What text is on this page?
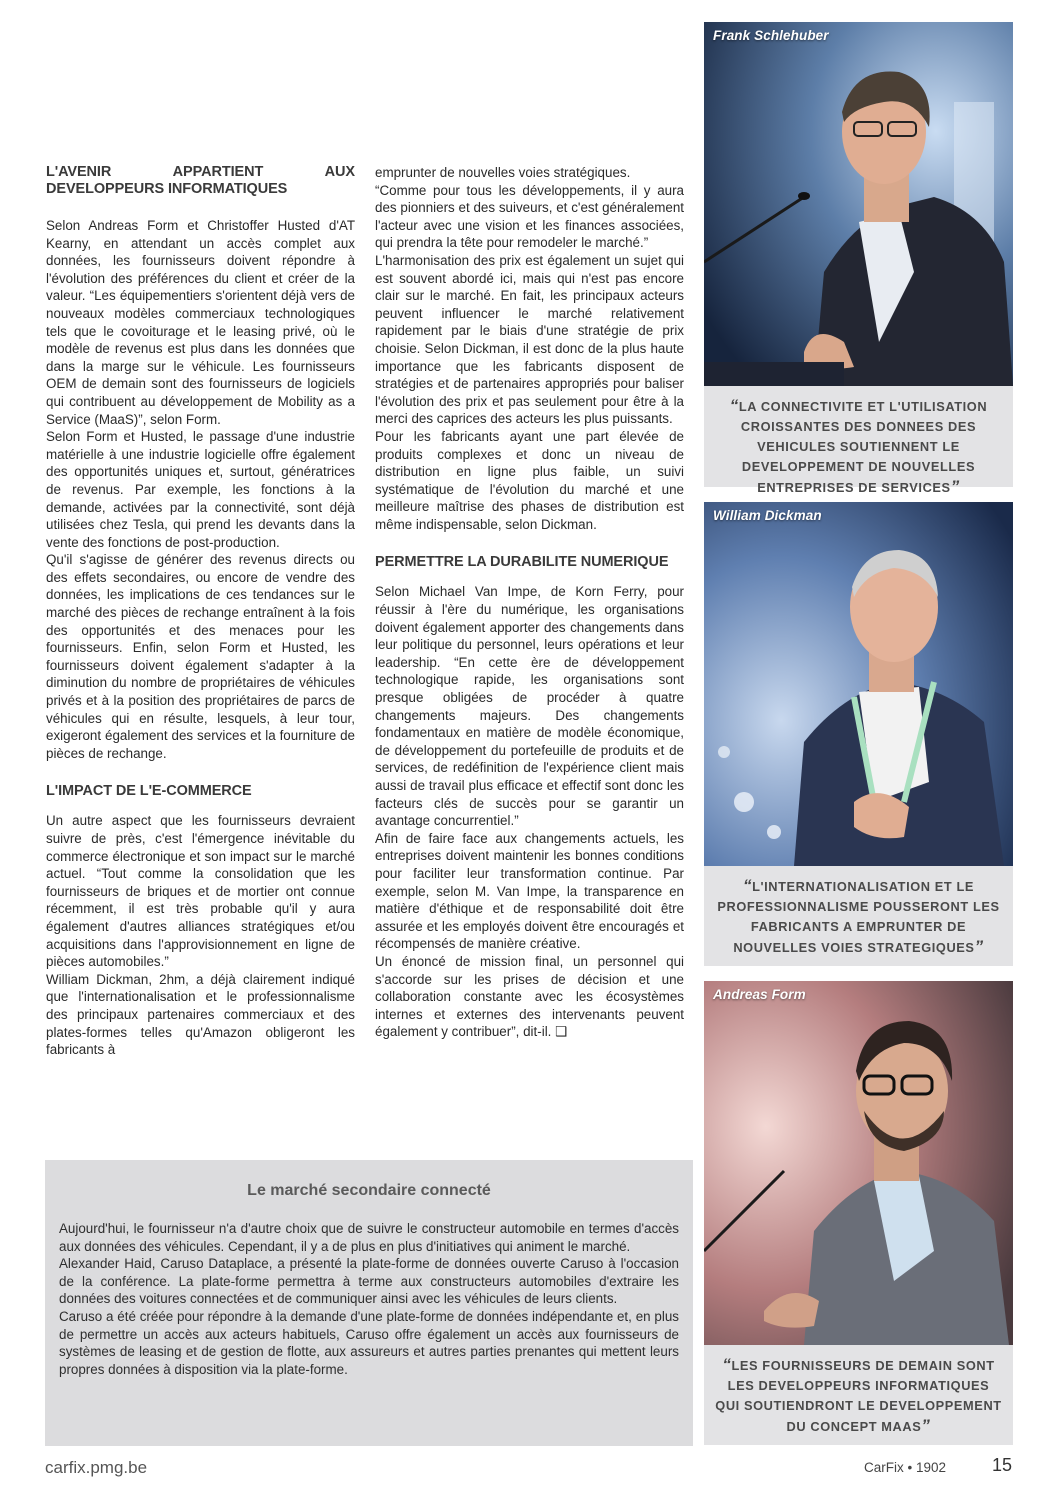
L'AVENIR APPARTIENT AUX DEVELOPPEURS INFORMATIQUES

Selon Andreas Form et Christoffer Husted d'AT Kearny, en attendant un accès complet aux données, les fournisseurs doivent répondre à l'évolution des préférences du client et créer de la valeur. “Les équipementiers s'orientent déjà vers de nouveaux modèles commerciaux technologiques tels que le covoiturage et le leasing privé, où le modèle de revenus est plus dans les données que dans la marge sur le véhicule. Les fournisseurs OEM de demain sont des fournisseurs de logiciels qui contribuent au développement de Mobility as a Service (MaaS)”, selon Form.

Selon Form et Husted, le passage d'une industrie matérielle à une industrie logicielle offre également des opportunités uniques et, surtout, génératrices de revenus. Par exemple, les fonctions à la demande, activées par la connectivité, sont déjà utilisées chez Tesla, qui prend les devants dans la vente des fonctions de post-production.

Qu'il s'agisse de générer des revenus directs ou des effets secondaires, ou encore de vendre des données, les implications de ces tendances sur le marché des pièces de rechange entraînent à la fois des opportunités et des menaces pour les fournisseurs. Enfin, selon Form et Husted, les fournisseurs doivent également s'adapter à la diminution du nombre de propriétaires de véhicules privés et à la position des propriétaires de parcs de véhicules qui en résulte, lesquels, à leur tour, exigeront également des services et la fourniture de pièces de rechange.

L'IMPACT DE L'E-COMMERCE

Un autre aspect que les fournisseurs devraient suivre de près, c'est l'émergence inévitable du commerce électronique et son impact sur le marché actuel. “Tout comme la consolidation que les fournisseurs de briques et de mortier ont connue récemment, il est très probable qu'il y aura également d'autres alliances stratégiques et/ou acquisitions dans l'approvisionnement en ligne de pièces automobiles.”

William Dickman, 2hm, a déjà clairement indiqué que l'internationalisation et le professionnalisme des principaux partenaires commerciaux et des plates-formes telles qu'Amazon obligeront les fabricants à

emprunter de nouvelles voies stratégiques.

“Comme pour tous les développements, il y aura des pionniers et des suiveurs, et c'est généralement l'acteur avec une vision et les finances associées, qui prendra la tête pour remodeler le marché.”

L'harmonisation des prix est également un sujet qui est souvent abordé ici, mais qui n'est pas encore clair sur le marché. En fait, les principaux acteurs peuvent influencer le marché relativement rapidement par le biais d'une stratégie de prix choisie. Selon Dickman, il est donc de la plus haute importance que les fabricants disposent de stratégies et de partenaires appropriés pour baliser l'évolution des prix et pas seulement pour être à la merci des caprices des acteurs les plus puissants.

Pour les fabricants ayant une part élevée de produits complexes et donc un niveau de distribution en ligne plus faible, un suivi systématique de l'évolution du marché et une meilleure maîtrise des phases de distribution est même indispensable, selon Dickman.

PERMETTRE LA DURABILITE NUMERIQUE

Selon Michael Van Impe, de Korn Ferry, pour réussir à l'ère du numérique, les organisations doivent également apporter des changements dans leur politique du personnel, leurs opérations et leur leadership. “En cette ère de développement technologique rapide, les organisations sont presque obligées de procéder à quatre changements majeurs. Des changements fondamentaux en matière de modèle économique, de développement du portefeuille de produits et de services, de redéfinition de l'expérience client mais aussi de travail plus efficace et effectif sont donc les facteurs clés de succès pour se garantir un avantage concurrentiel.”

Afin de faire face aux changements actuels, les entreprises doivent maintenir les bonnes conditions pour faciliter leur transformation continue. Par exemple, selon M. Van Impe, la transparence en matière d'éthique et de responsabilité doit être assurée et les employés doivent être encouragés et récompensés de manière créative.

Un énoncé de mission final, un personnel qui s'accorde sur les prises de décision et une collaboration constante avec les écosystèmes internes et externes des intervenants peuvent également y contribuer”, dit-il. ❑

Frank Schlehuber
“LA CONNECTIVITE ET L'UTILISATION CROISSANTES DES DONNEES DES VEHICULES SOUTIENNENT LE DEVELOPPEMENT DE NOUVELLES ENTREPRISES DE SERVICES”
William Dickman
“L'INTERNATIONALISATION ET LE PROFESSIONNALISME POUSSERONT LES FABRICANTS A EMPRUNTER DE NOUVELLES VOIES STRATEGIQUES”
Andreas Form
“LES FOURNISSEURS DE DEMAIN SONT LES DEVELOPPEURS INFORMATIQUES QUI SOUTIENDRONT LE DEVELOPPEMENT DU CONCEPT MAAS”
Le marché secondaire connecté

Aujourd'hui, le fournisseur n'a d'autre choix que de suivre le constructeur automobile en termes d'accès aux données des véhicules. Cependant, il y a de plus en plus d'initiatives qui animent le marché.

Alexander Haid, Caruso Dataplace, a présenté la plate-forme de données ouverte Caruso à l'occasion de la conférence. La plate-forme permettra à terme aux constructeurs automobiles d'extraire les données des voitures connectées et de communiquer ainsi avec les véhicules de leurs clients.

Caruso a été créée pour répondre à la demande d'une plate-forme de données indépendante et, en plus de permettre un accès aux acteurs habituels, Caruso offre également un accès aux fournisseurs de systèmes de leasing et de gestion de flotte, aux assureurs et autres parties prenantes qui mettent leurs propres données à disposition via la plate-forme.

carfix.pmg.be	CarFix • 1902	15
